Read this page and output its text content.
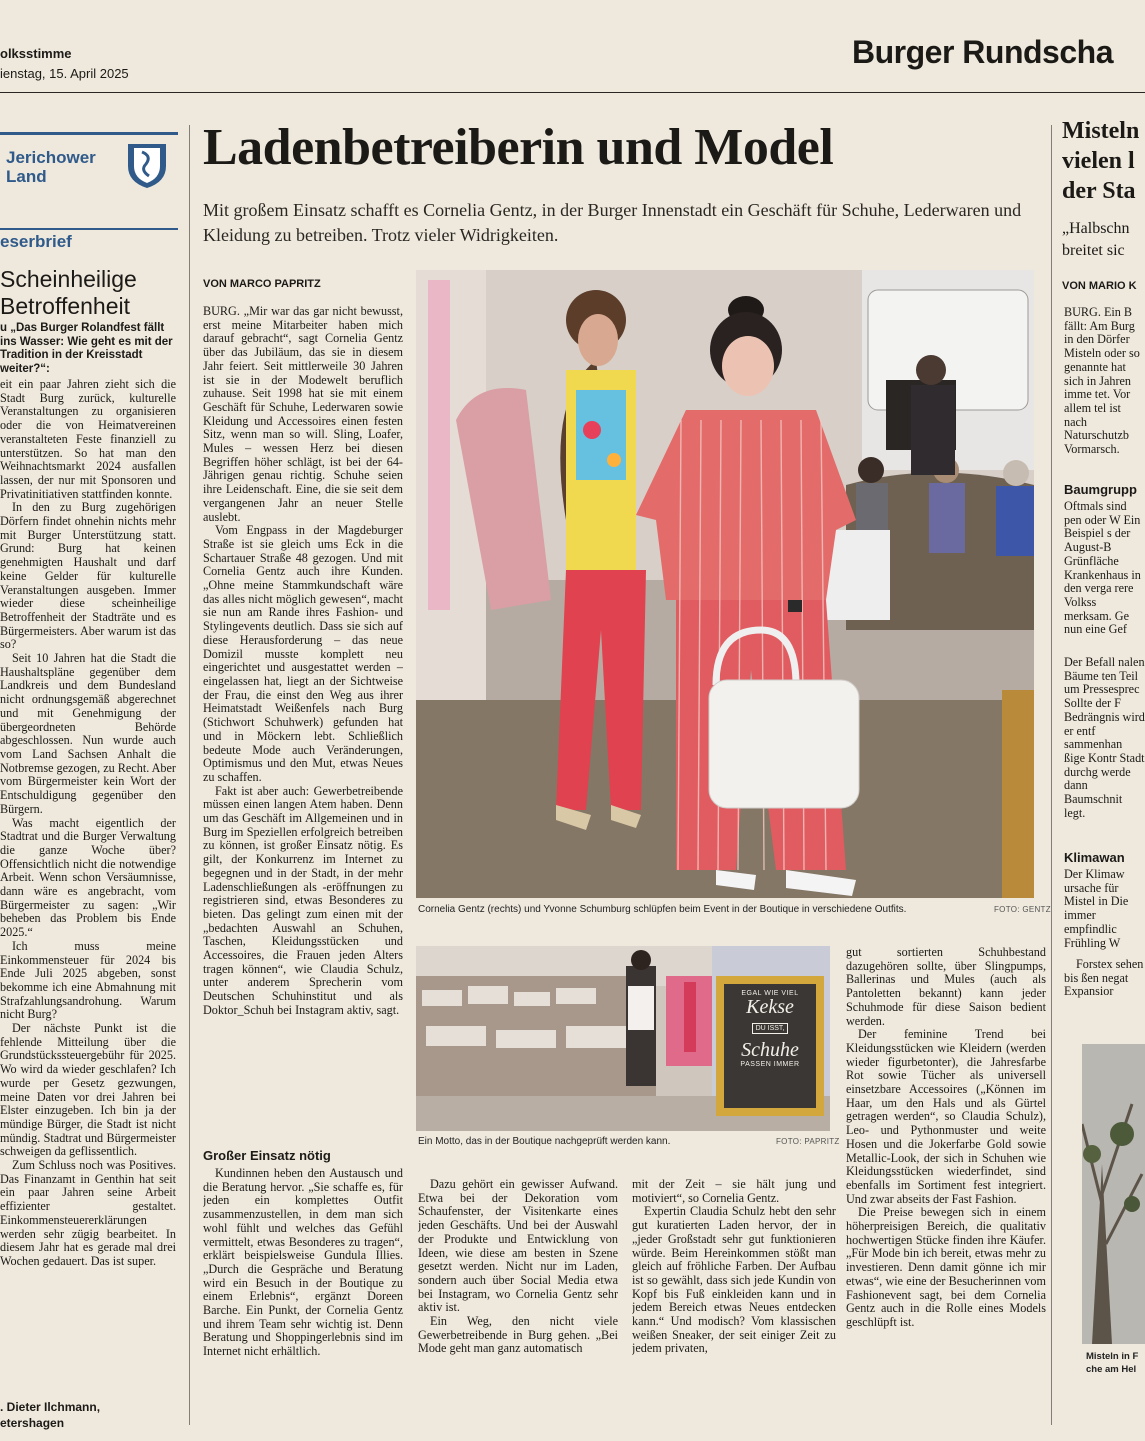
olksstimme
ienstag, 15. April 2025
Burger Rundscha
Jerichower
Land
eserbrief
Scheinheilige
Betroffenheit
u „Das Burger Rolandfest fällt ins Wasser: Wie geht es mit der Tradition in der Kreisstadt weiter?“:

eit ein paar Jahren zieht sich die Stadt Burg zurück, kulturelle Veranstaltungen zu organisieren oder die von Heimatvereinen veranstalteten Feste finanziell zu unterstützen. So hat man den Weihnachtsmarkt 2024 ausfallen lassen, der nur mit Sponsoren und Privatinitiativen stattfinden konnte.

In den zu Burg zugehörigen Dörfern findet ohnehin nichts mehr mit Burger Unterstützung statt. Grund: Burg hat keinen genehmigten Haushalt und darf keine Gelder für kulturelle Veranstaltungen ausgeben. Immer wieder diese scheinheilige Betroffenheit der Stadträte und es Bürgermeisters. Aber warum ist das so?

Seit 10 Jahren hat die Stadt die Haushaltspläne gegenüber dem Landkreis und dem Bundesland nicht ordnungsgemäß abgerechnet und mit Genehmigung der übergeordneten Behörde abgeschlossen. Nun wurde auch vom Land Sachsen Anhalt die Notbremse gezogen, zu Recht. Aber vom Bürgermeister kein Wort der Entschuldigung gegenüber den Bürgern.

Was macht eigentlich der Stadtrat und die Burger Verwaltung die ganze Woche über? Offensichtlich nicht die notwendige Arbeit. Wenn schon Versäumnisse, dann wäre es angebracht, vom Bürgermeister zu sagen: „Wir beheben das Problem bis Ende 2025.“

Ich muss meine Einkommensteuer für 2024 bis Ende Juli 2025 abgeben, sonst bekomme ich eine Abmahnung mit Strafzahlungsandrohung. Warum nicht Burg?

Der nächste Punkt ist die fehlende Mitteilung über die Grundstückssteuergebühr für 2025. Wo wird da wieder geschlafen? Ich wurde per Gesetz gezwungen, meine Daten vor drei Jahren bei Elster einzugeben. Ich bin ja der mündige Bürger, die Stadt ist nicht mündig. Stadtrat und Bürgermeister schweigen da geflissentlich.

Zum Schluss noch was Positives. Das Finanzamt in Genthin hat seit ein paar Jahren seine Arbeit effizienter gestaltet. Einkommensteuererklärungen werden sehr zügig bearbeitet. In diesem Jahr hat es gerade mal drei Wochen gedauert. Das ist super.

. Dieter Ilchmann,
etershagen
Ladenbetreiberin und Model
Mit großem Einsatz schafft es Cornelia Gentz, in der Burger Innenstadt ein Geschäft für Schuhe, Lederwaren und Kleidung zu betreiben. Trotz vieler Widrigkeiten.
VON MARCO PAPRITZ

BURG. „Mir war das gar nicht bewusst, erst meine Mitarbeiter haben mich darauf gebracht“, sagt Cornelia Gentz über das Jubiläum, das sie in diesem Jahr feiert. Seit mittlerweile 30 Jahren ist sie in der Modewelt beruflich zuhause. Seit 1998 hat sie mit einem Geschäft für Schuhe, Lederwaren sowie Kleidung und Accessoires einen festen Sitz, wenn man so will. Sling, Loafer, Mules – wessen Herz bei diesen Begriffen höher schlägt, ist bei der 64-Jährigen genau richtig. Schuhe seien ihre Leidenschaft. Eine, die sie seit dem vergangenen Jahr an neuer Stelle auslebt.

Vom Engpass in der Magdeburger Straße ist sie gleich ums Eck in die Schartauer Straße 48 gezogen. Und mit Cornelia Gentz auch ihre Kunden. „Ohne meine Stammkundschaft wäre das alles nicht möglich gewesen“, macht sie nun am Rande ihres Fashion- und Stylingevents deutlich. Dass sie sich auf diese Herausforderung – das neue Domizil musste komplett neu eingerichtet und ausgestattet werden – eingelassen hat, liegt an der Sichtweise der Frau, die einst den Weg aus ihrer Heimatstadt Weißenfels nach Burg (Stichwort Schuhwerk) gefunden hat und in Möckern lebt. Schließlich bedeute Mode auch Veränderungen, Optimismus und den Mut, etwas Neues zu schaffen.

Fakt ist aber auch: Gewerbetreibende müssen einen langen Atem haben. Denn um das Geschäft im Allgemeinen und in Burg im Speziellen erfolgreich betreiben zu können, ist großer Einsatz nötig. Es gilt, der Konkurrenz im Internet zu begegnen und in der Stadt, in der mehr Ladenschließungen als -eröffnungen zu registrieren sind, etwas Besonderes zu bieten. Das gelingt zum einen mit der „bedachten Auswahl an Schuhen, Taschen, Kleidungsstücken und Accessoires, die Frauen jeden Alters tragen können“, wie Claudia Schulz, unter anderem Sprecherin vom Deutschen Schuhinstitut und als Doktor_Schuh bei Instagram aktiv, sagt.

Großer Einsatz nötig

Kundinnen heben den Austausch und die Beratung hervor. „Sie schaffe es, für jeden ein komplettes Outfit zusammenzustellen, in dem man sich wohl fühlt und welches das Gefühl vermittelt, etwas Besonderes zu tragen“, erklärt beispielsweise Gundula Illies. „Durch die Gespräche und Beratung wird ein Besuch in der Boutique zu einem Erlebnis“, ergänzt Doreen Barche. Ein Punkt, der Cornelia Gentz und ihrem Team sehr wichtig ist. Denn Beratung und Shoppingerlebnis sind im Internet nicht erhältlich.

Cornelia Gentz (rechts) und Yvonne Schumburg schlüpfen beim Event in der Boutique in verschiedene Outfits.	FOTO: GENTZ
EGAL WIE VIEL
Kekse
DU ISST,
Schuhe
PASSEN IMMER
Ein Motto, das in der Boutique nachgeprüft werden kann.	FOTO: PAPRITZ

Dazu gehört ein gewisser Aufwand. Etwa bei der Dekoration vom Schaufenster, der Visitenkarte eines jeden Geschäfts. Und bei der Auswahl der Produkte und Entwicklung von Ideen, wie diese am besten in Szene gesetzt werden. Nicht nur im Laden, sondern auch über Social Media etwa bei Instagram, wo Cornelia Gentz sehr aktiv ist.

Ein Weg, den nicht viele Gewerbetreibende in Burg gehen. „Bei Mode geht man ganz automatisch

mit der Zeit – sie hält jung und motiviert“, so Cornelia Gentz.

Expertin Claudia Schulz hebt den sehr gut kuratierten Laden hervor, der in „jeder Großstadt sehr gut funktionieren würde. Beim Hereinkommen stößt man gleich auf fröhliche Farben. Der Aufbau ist so gewählt, dass sich jede Kundin von Kopf bis Fuß einkleiden kann und in jedem Bereich etwas Neues entdecken kann.“ Und modisch? Vom klassischen weißen Sneaker, der seit einiger Zeit zu jedem privaten,

gut sortierten Schuhbestand dazugehören sollte, über Slingpumps, Ballerinas und Mules (auch als Pantoletten bekannt) kann jeder Schuhmode für diese Saison bedient werden.

Der feminine Trend bei Kleidungsstücken wie Kleidern (werden wieder figurbetonter), die Jahresfarbe Rot sowie Tücher als universell einsetzbare Accessoires („Können im Haar, um den Hals und als Gürtel getragen werden“, so Claudia Schulz), Leo- und Pythonmuster und weite Hosen und die Jokerfarbe Gold sowie Metallic-Look, der sich in Schuhen wie Kleidungsstücken wiederfindet, sind ebenfalls im Sortiment fest integriert. Und zwar abseits der Fast Fashion.

Die Preise bewegen sich in einem höherpreisigen Bereich, die qualitativ hochwertigen Stücke finden ihre Käufer. „Für Mode bin ich bereit, etwas mehr zu investieren. Denn damit gönne ich mir etwas“, wie eine der Besucherinnen vom Fashionevent sagt, bei dem Cornelia Gentz auch in die Rolle eines Models geschlüpft ist.

Misteln
vielen l
der Sta
„Halbschn
breitet sic
VON MARIO K

BURG. Ein B fällt: Am Burg in den Dörfer Misteln oder so genannte hat sich in Jahren imme tet. Vor allem tel ist nach Naturschutzb Vormarsch.

Baumgrupp

Oftmals sind pen oder W Ein Beispiel s der August-B Grünfläche Krankenhaus in den verga rere Volkss merksam. Ge nun eine Gef

Der Befall nalen Bäume ten Teil um Pressesprec Sollte der F Bedrängnis wird er entf sammenhan ßige Kontr Stadt durchg werde dann Baumschnit legt.

Klimawan

Der Klimaw ursache für Mistel in Die immer empfindlic Frühling W

Forstex sehen bis ßen negat Expansior

Misteln in F che am Hel
